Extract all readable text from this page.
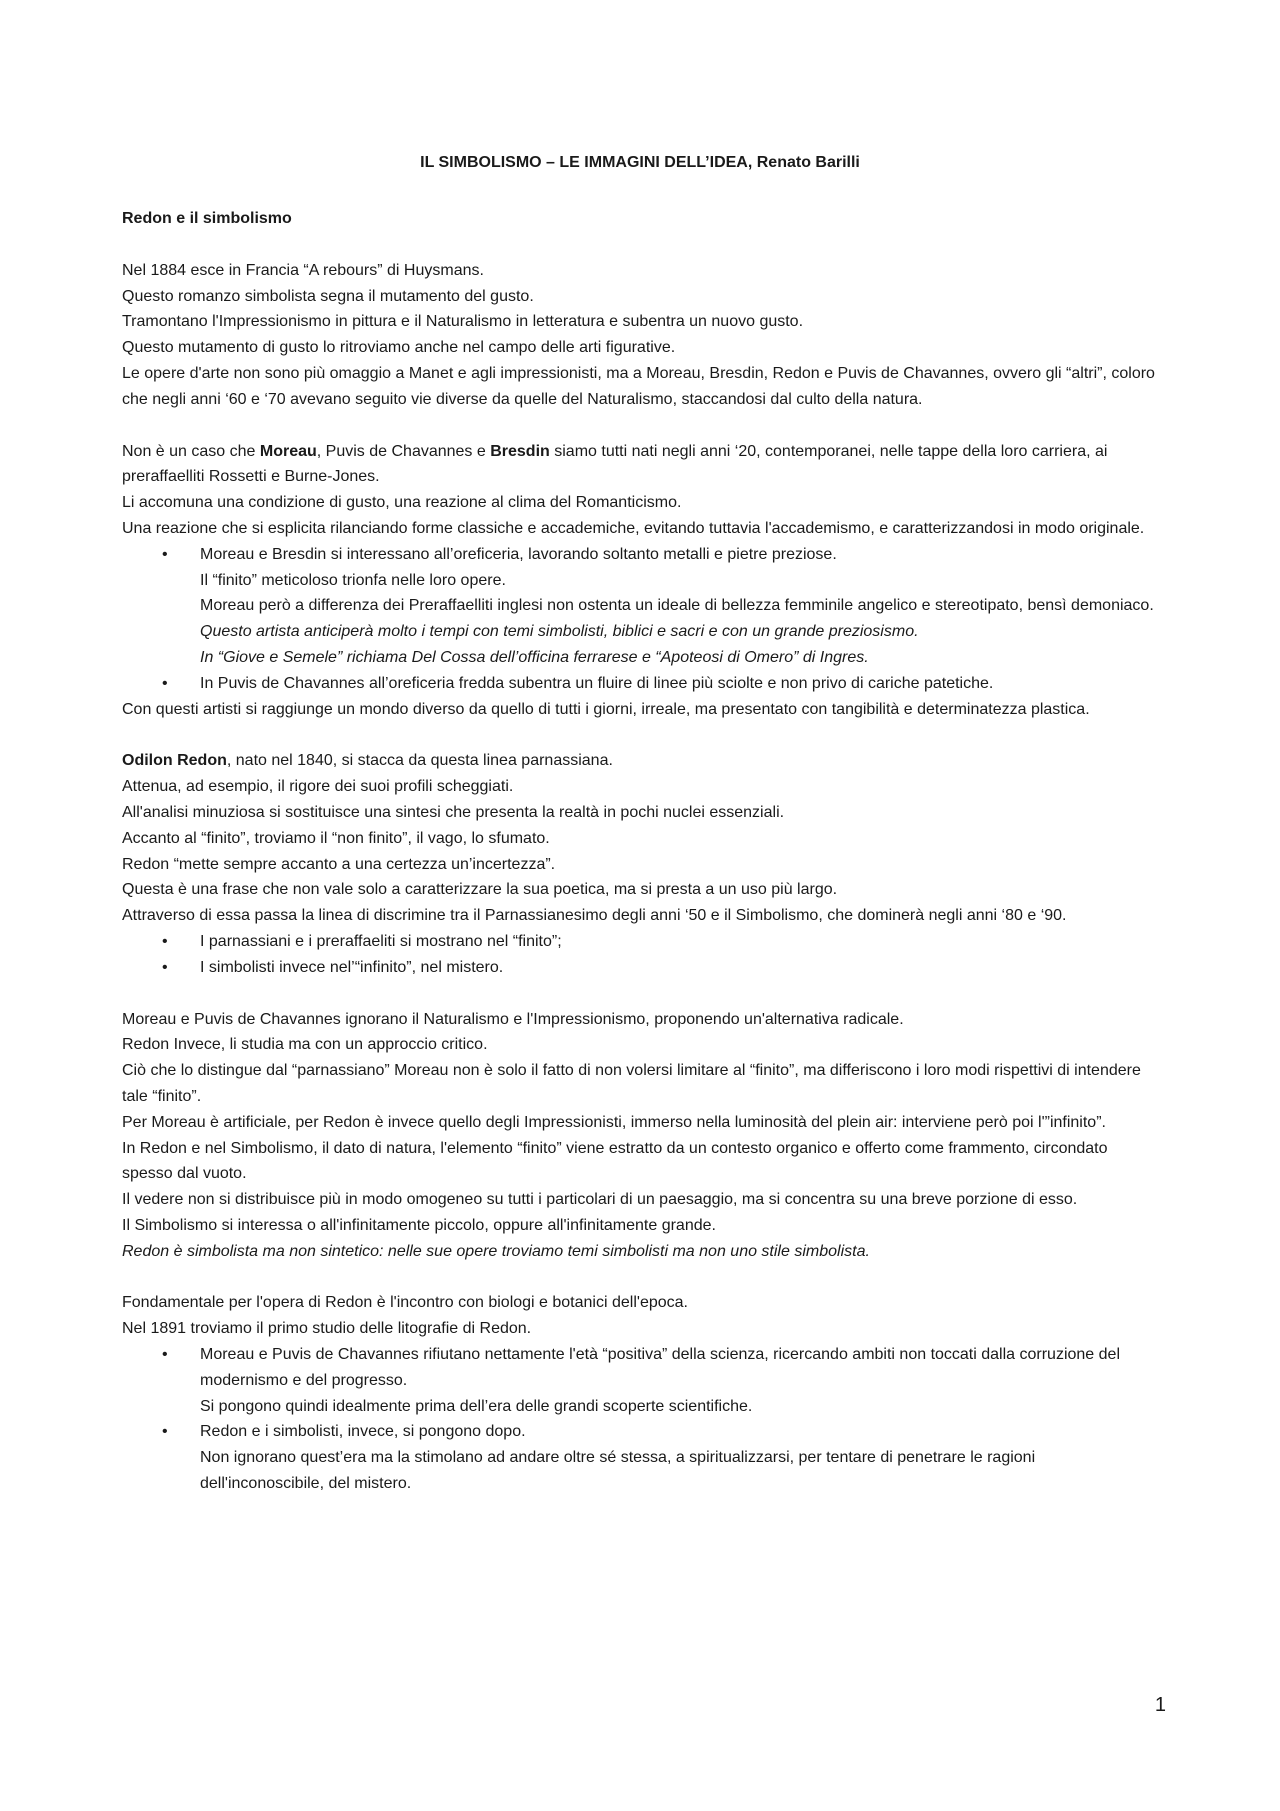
IL SIMBOLISMO – LE IMMAGINI DELL’IDEA, Renato Barilli

Redon e il simbolismo

Nel 1884 esce in Francia “A rebours” di Huysmans.

Questo romanzo simbolista segna il mutamento del gusto.

Tramontano l'Impressionismo in pittura e il Naturalismo in letteratura e subentra un nuovo gusto.

Questo mutamento di gusto lo ritroviamo anche nel campo delle arti figurative.

Le opere d'arte non sono più omaggio a Manet e agli impressionisti, ma a Moreau, Bresdin, Redon e Puvis de Chavannes, ovvero gli “altri”, coloro che negli anni ‘60 e ‘70 avevano seguito vie diverse da quelle del Naturalismo, staccandosi dal culto della natura.

Non è un caso che Moreau, Puvis de Chavannes e Bresdin siamo tutti nati negli anni ‘20, contemporanei, nelle tappe della loro carriera, ai preraffaelliti Rossetti e Burne-Jones.

Li accomuna una condizione di gusto, una reazione al clima del Romanticismo.

Una reazione che si esplicita rilanciando forme classiche e accademiche, evitando tuttavia l'accademismo, e caratterizzandosi in modo originale.

• Moreau e Bresdin si interessano all’oreficeria, lavorando soltanto metalli e pietre preziose.
Il “finito” meticoloso trionfa nelle loro opere.
Moreau però a differenza dei Preraffaelliti inglesi non ostenta un ideale di bellezza femminile angelico e stereotipato, bensì demoniaco.
Questo artista anticiperà molto i tempi con temi simbolisti, biblici e sacri e con un grande preziosismo.
In “Giove e Semele” richiama Del Cossa dell’officina ferrarese e “Apoteosi di Omero” di Ingres.
• In Puvis de Chavannes all’oreficeria fredda subentra un fluire di linee più sciolte e non privo di cariche patetiche.

Con questi artisti si raggiunge un mondo diverso da quello di tutti i giorni, irreale, ma presentato con tangibilità e determinatezza plastica.

Odilon Redon, nato nel 1840, si stacca da questa linea parnassiana.

Attenua, ad esempio, il rigore dei suoi profili scheggiati.

All'analisi minuziosa si sostituisce una sintesi che presenta la realtà in pochi nuclei essenziali.

Accanto al “finito”, troviamo il “non finito”, il vago, lo sfumato.

Redon “mette sempre accanto a una certezza un’incertezza”.

Questa è una frase che non vale solo a caratterizzare la sua poetica, ma si presta a un uso più largo.

Attraverso di essa passa la linea di discrimine tra il Parnassianesimo degli anni ‘50 e il Simbolismo, che dominerà negli anni ‘80 e ‘90.

• I parnassiani e i preraffaeliti si mostrano nel “finito”;
• I simbolisti invece nel’“infinito”, nel mistero.

Moreau e Puvis de Chavannes ignorano il Naturalismo e l'Impressionismo, proponendo un'alternativa radicale.

Redon Invece, li studia ma con un approccio critico.

Ciò che lo distingue dal “parnassiano” Moreau non è solo il fatto di non volersi limitare al “finito”, ma differiscono i loro modi rispettivi di intendere tale “finito”.

Per Moreau è artificiale, per Redon è invece quello degli Impressionisti, immerso nella luminosità del plein air: interviene però poi l'”infinito”.

In Redon e nel Simbolismo, il dato di natura, l'elemento “finito” viene estratto da un contesto organico e offerto come frammento, circondato spesso dal vuoto.

Il vedere non si distribuisce più in modo omogeneo su tutti i particolari di un paesaggio, ma si concentra su una breve porzione di esso.

Il Simbolismo si interessa o all'infinitamente piccolo, oppure all'infinitamente grande.

Redon è simbolista ma non sintetico: nelle sue opere troviamo temi simbolisti ma non uno stile simbolista.

Fondamentale per l'opera di Redon è l'incontro con biologi e botanici dell'epoca.

Nel 1891 troviamo il primo studio delle litografie di Redon.

• Moreau e Puvis de Chavannes rifiutano nettamente l'età “positiva” della scienza, ricercando ambiti non toccati dalla corruzione del modernismo e del progresso.
Si pongono quindi idealmente prima dell’era delle grandi scoperte scientifiche.
• Redon e i simbolisti, invece, si pongono dopo.
Non ignorano quest’era ma la stimolano ad andare oltre sé stessa, a spiritualizzarsi, per tentare di penetrare le ragioni dell'inconoscibile, del mistero.
1
